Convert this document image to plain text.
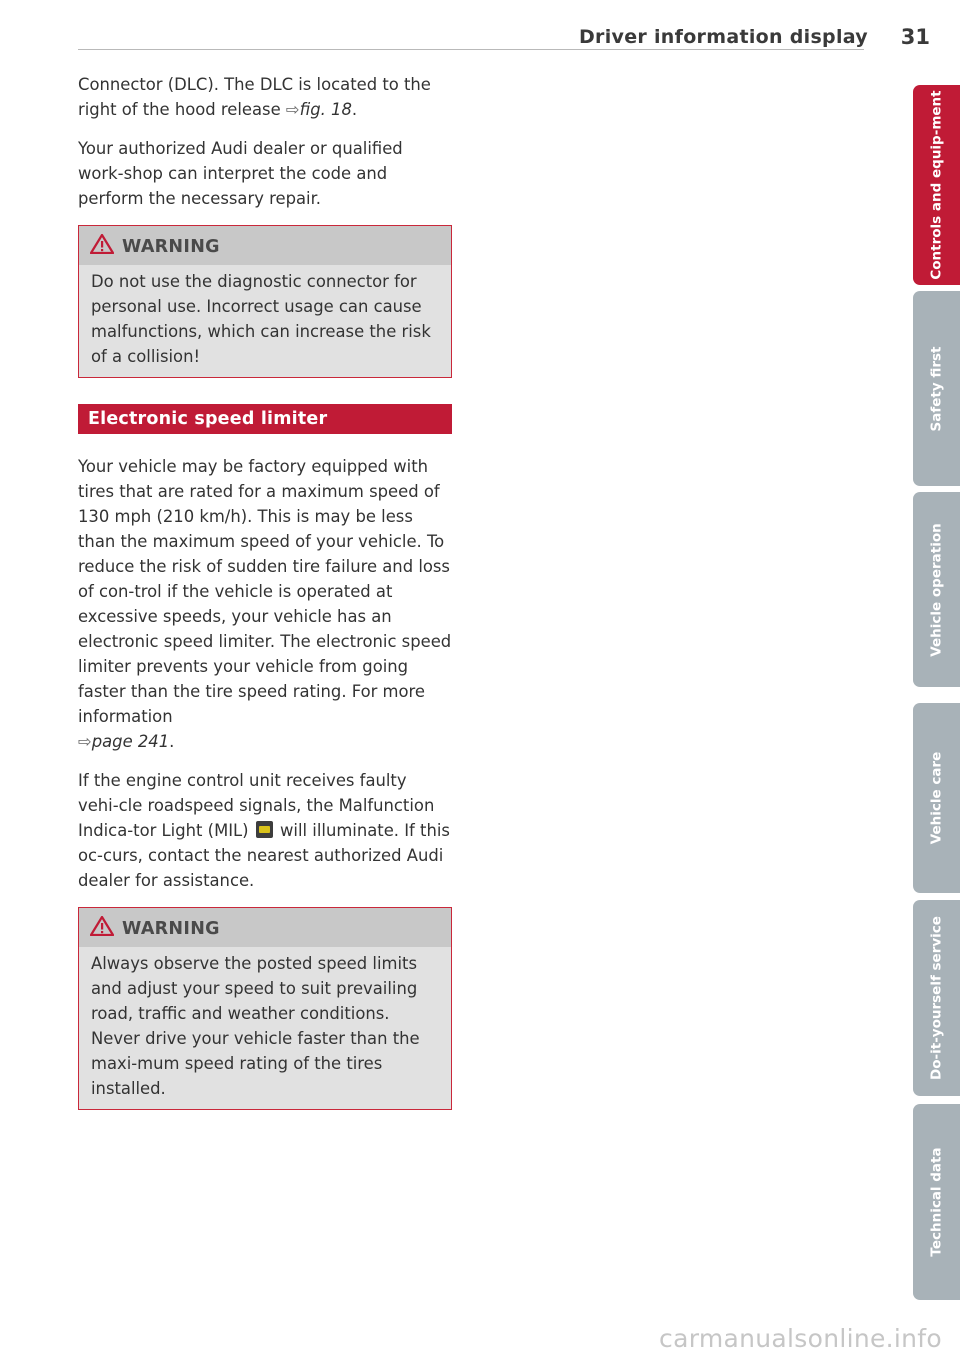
Driver information display 31

Connector (DLC). The DLC is located to the right of the hood release ⇨fig. 18.

Your authorized Audi dealer or qualified work-shop can interpret the code and perform the necessary repair.

WARNING
Do not use the diagnostic connector for personal use. Incorrect usage can cause malfunctions, which can increase the risk of a collision!
Electronic speed limiter

Your vehicle may be factory equipped with tires that are rated for a maximum speed of 130 mph (210 km/h). This is may be less than the maximum speed of your vehicle. To reduce the risk of sudden tire failure and loss of con-trol if the vehicle is operated at excessive speeds, your vehicle has an electronic speed limiter. The electronic speed limiter prevents your vehicle from going faster than the tire speed rating. For more information
⇨page 241.

If the engine control unit receives faulty vehi-cle roadspeed signals, the Malfunction Indica-tor Light (MIL) will illuminate. If this oc-curs, contact the nearest authorized Audi dealer for assistance.

WARNING
Always observe the posted speed limits and adjust your speed to suit prevailing road, traffic and weather conditions. Never drive your vehicle faster than the maxi-mum speed rating of the tires installed.
Controls and equip-ment
Safety first
Vehicle operation
Vehicle care
Do-it-yourself service
Technical data
carmanualsonline.info
